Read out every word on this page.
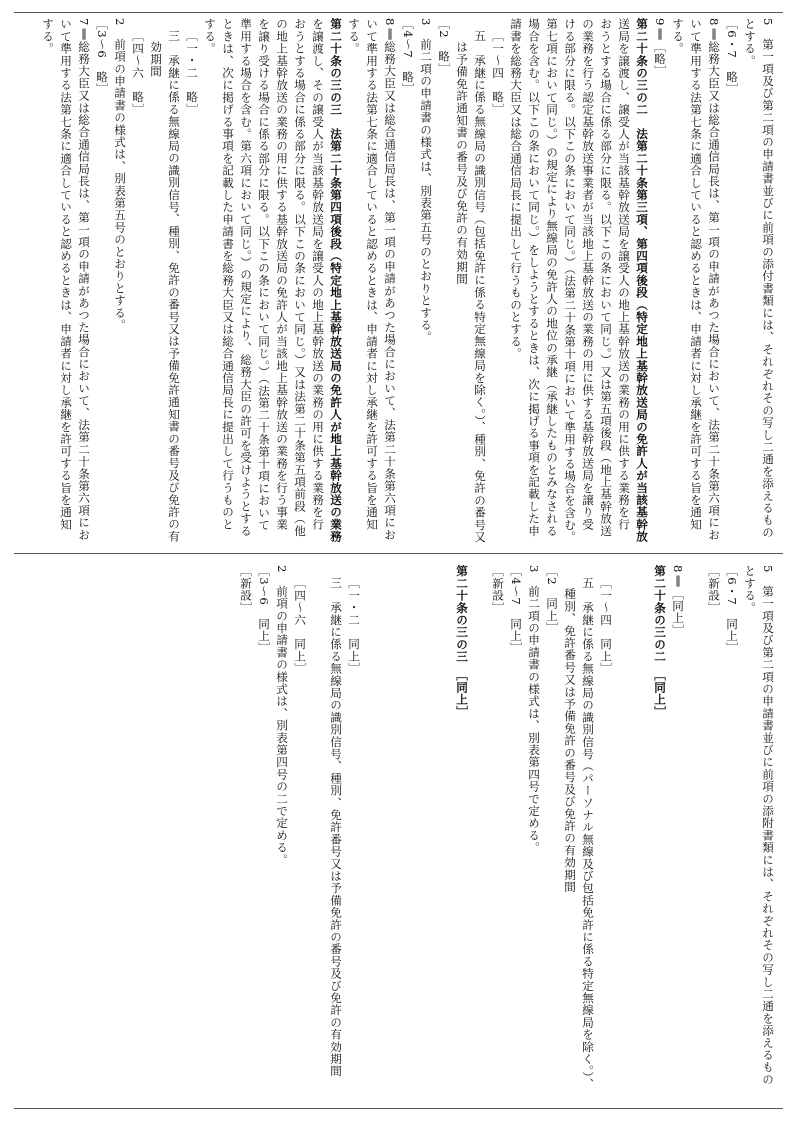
5　第一項及び第二項の申請書並びに前項の添付書類には、それぞれその写し二通を添えるもの
とする。
［6・7　略］
8‖総務大臣又は総合通信局長は、第一項の申請があつた場合において、法第二十条第六項にお
いて準用する法第七条に適合していると認めるときは、申請者に対し承継を許可する旨を通知
する。
9‖［略］
第二十条の三の二　法第二十条第三項、第四項後段（特定地上基幹放送局の免許人が当該基幹放
送局を譲渡し、譲受人が当該基幹放送局を譲受人の地上基幹放送の業務の用に供する業務を行
おうとする場合に係る部分に限る。以下この条において同じ。）又は第五項後段（地上基幹放送
の業務を行う認定基幹放送事業者が当該地上基幹放送の業務の用に供する基幹放送局を譲り受
ける部分に限る。以下この条において同じ。）（法第二十条第十項において準用する場合を含む。
第七項において同じ。）の規定により無線局の免許人の地位の承継（承継したものとみなされる
場合を含む。以下この条において同じ。）をしようとするときは、次に掲げる事項を記載した申
請書を総務大臣又は総合通信局長に提出して行うものとする。
［一～四　略］
五　承継に係る無線局の識別信号（包括免許に係る特定無線局を除く。）、種別、免許の番号又
は予備免許通知書の番号及び免許の有効期間
［2　略］
3　前二項の申請書の様式は、別表第五号のとおりとする。
［4～7　略］
8‖総務大臣又は総合通信局長は、第一項の申請があつた場合において、法第二十条第六項にお
いて準用する法第七条に適合していると認めるときは、申請者に対し承継を許可する旨を通知
する。
第二十条の三の三　法第二十条第四項後段（特定地上基幹放送局の免許人が地上基幹放送の業務
を譲渡し、その譲受人が当該基幹放送局を譲受人の地上基幹放送の業務の用に供する業務を行
おうとする場合に係る部分に限る。以下この条において同じ。）又は法第二十条第五項前段（他
の地上基幹放送の業務の用に供する基幹放送局の免許人が当該地上基幹放送の業務を行う事業
を譲り受ける場合に係る部分に限る。以下この条において同じ。）（法第二十条第十項において
準用する場合を含む。第六項において同じ。）の規定により、総務大臣の許可を受けようとする
ときは、次に掲げる事項を記載した申請書を総務大臣又は総合通信局長に提出して行うものと
する。
［一・二　略］
三　承継に係る無線局の識別信号、種別、免許の番号又は予備免許通知書の番号及び免許の有
効期間
［四～六　略］
2　前項の申請書の様式は、別表第五号のとおりとする。
［3～6　略］
7‖総務大臣又は総合通信局長は、第一項の申請があつた場合において、法第二十条第六項にお
いて準用する法第七条に適合していると認めるときは、申請者に対し承継を許可する旨を通知
する。
5　第一項及び第二項の申請書並びに前項の添附書類には、それぞれその写し二通を添えるもの
とする。
［6・7　同上］
［新設］

8‖［同上］
第二十条の三の二　［同上］

［一～四　同上］
五　承継に係る無線局の識別信号（パーソナル無線及び包括免許に係る特定無線局を除く。）、
種別、免許番号又は予備免許の番号及び免許の有効期間
［2　同上］
3　前二項の申請書の様式は、別表第四号で定める。
［4～7　同上］
［新設］

第二十条の三の三　［同上］

［一・二　同上］
三　承継に係る無線局の識別信号、種別、免許番号又は予備免許の番号及び免許の有効期間

［四～六　同上］
2　前項の申請書の様式は、別表第四号の二で定める。
［3～6　同上］
［新設］
